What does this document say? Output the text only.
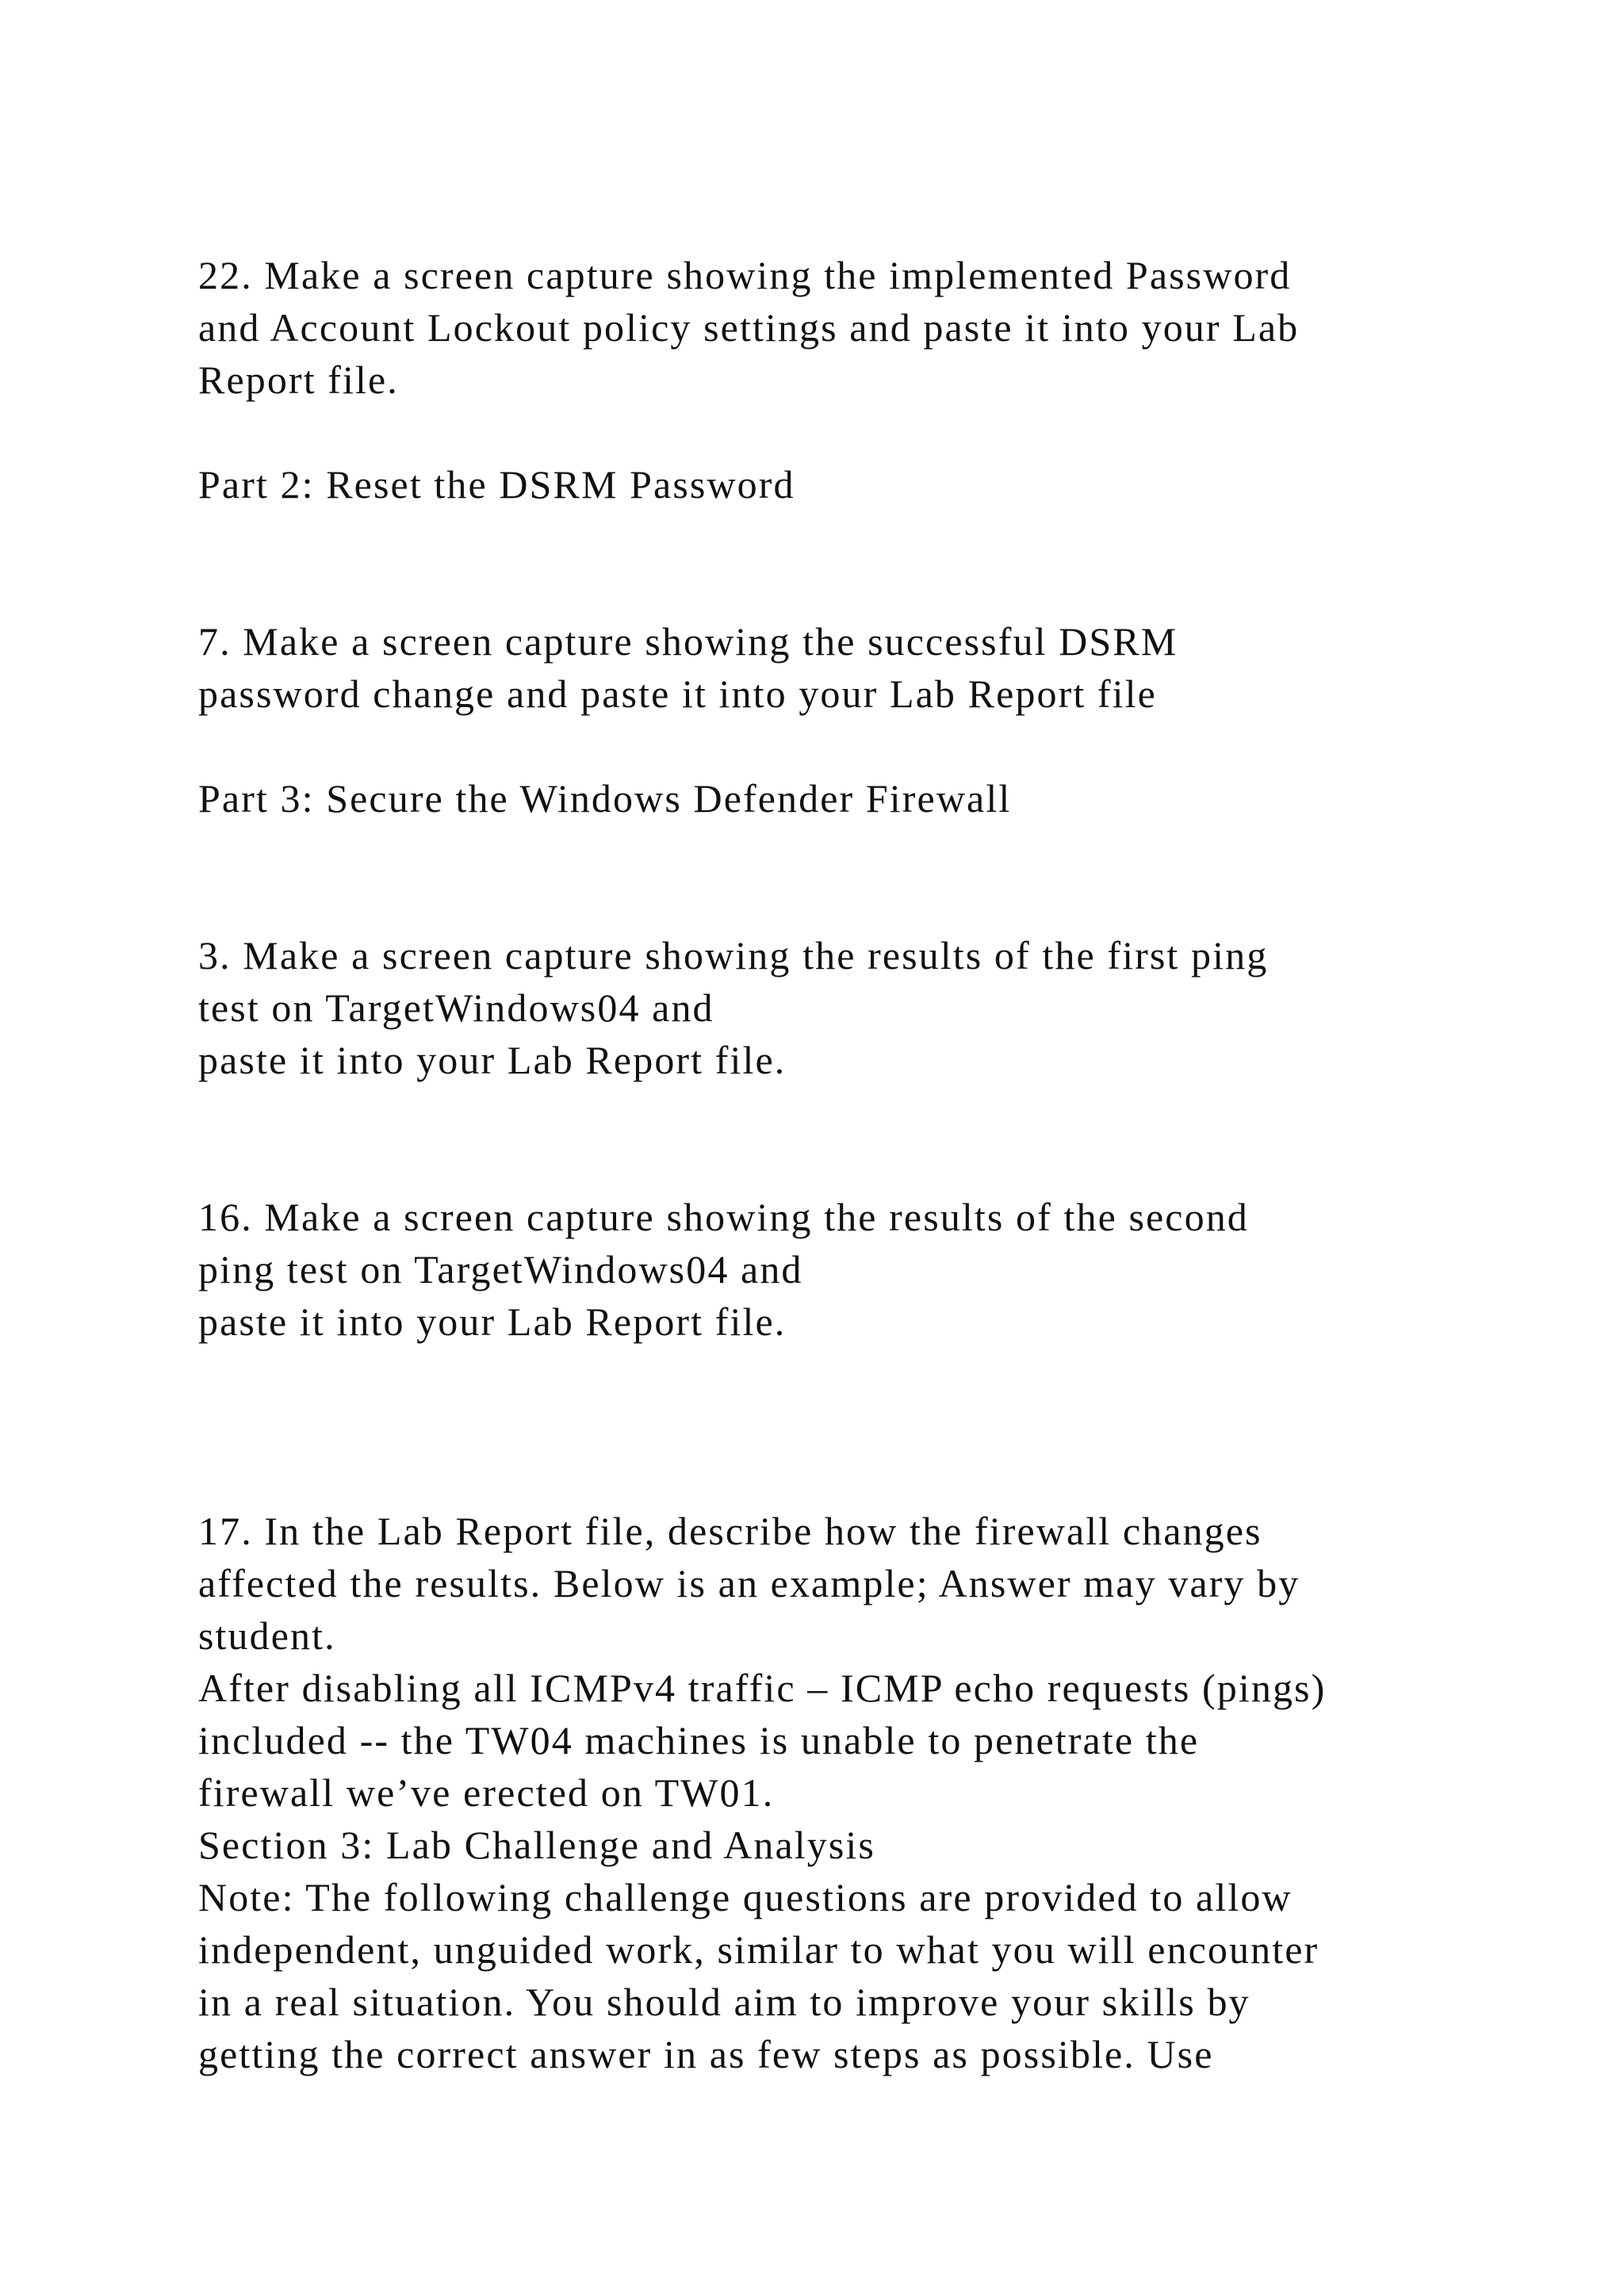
22. Make a screen capture showing the implemented Password

and Account Lockout policy settings and paste it into your Lab

Report file.

Part 2: Reset the DSRM Password

7. Make a screen capture showing the successful DSRM

password change and paste it into your Lab Report file

Part 3: Secure the Windows Defender Firewall

3. Make a screen capture showing the results of the first ping

test on TargetWindows04 and

paste it into your Lab Report file.

16. Make a screen capture showing the results of the second

ping test on TargetWindows04 and

paste it into your Lab Report file.

17. In the Lab Report file, describe how the firewall changes

affected the results. Below is an example; Answer may vary by

student.

After disabling all ICMPv4 traffic – ICMP echo requests (pings)

included -- the TW04 machines is unable to penetrate the

firewall we’ve erected on TW01.

Section 3: Lab Challenge and Analysis

Note: The following challenge questions are provided to allow

independent, unguided work, similar to what you will encounter

in a real situation. You should aim to improve your skills by

getting the correct answer in as few steps as possible. Use
